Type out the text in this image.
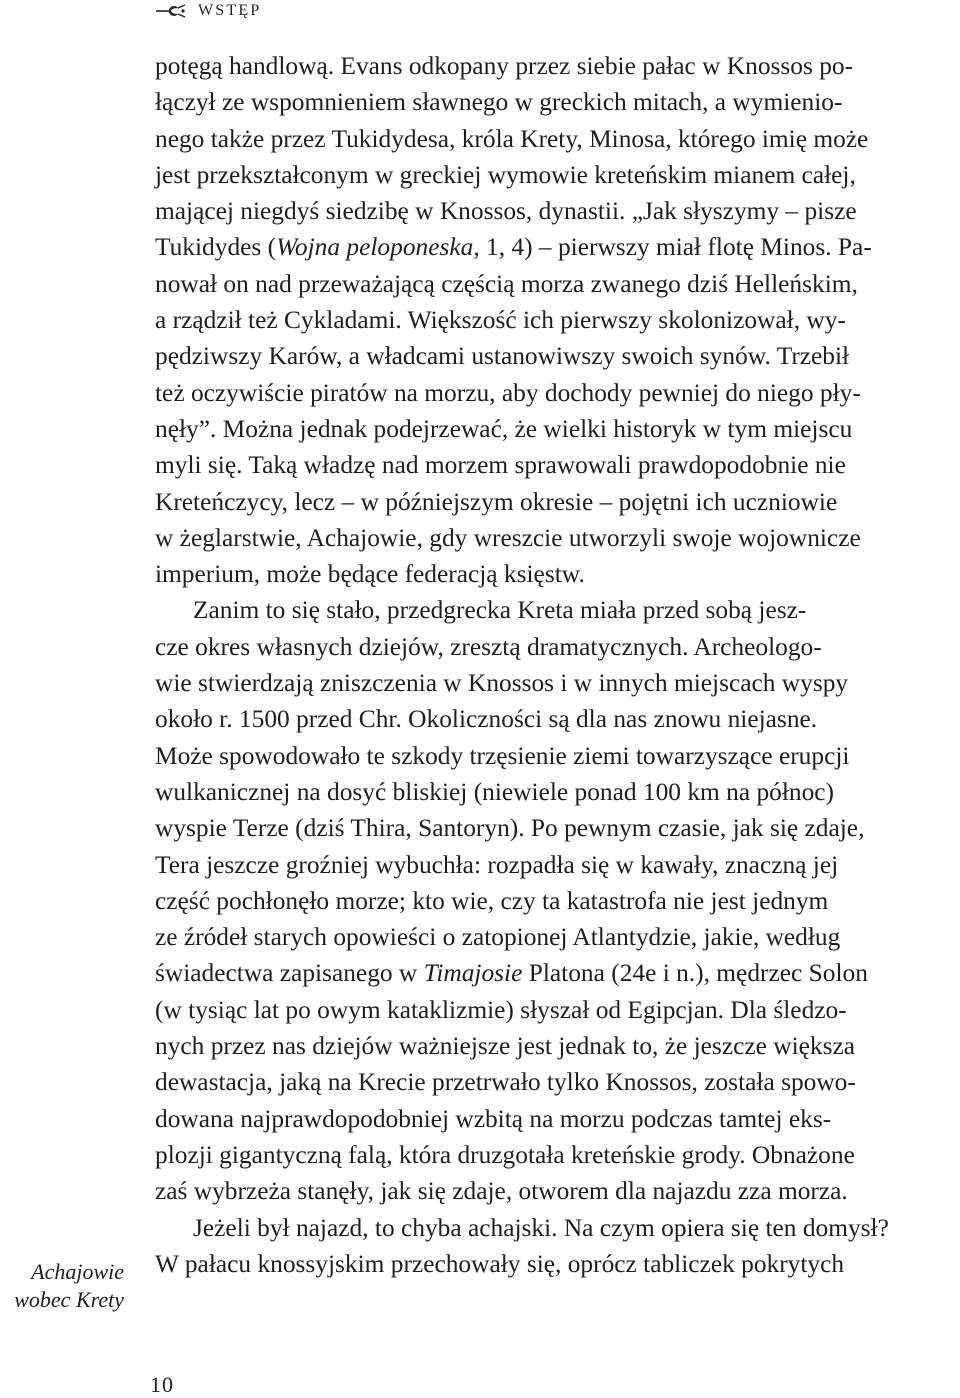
WSTĘP
potęgą handlową. Evans odkopany przez siebie pałac w Knossos po-
łączył ze wspomnieniem sławnego w greckich mitach, a wymienio-
nego także przez Tukidydesa, króla Krety, Minosa, którego imię może
jest przekształconym w greckiej wymowie kreteńskim mianem całej,
mającej niegdyś siedzibę w Knossos, dynastii. „Jak słyszymy – pisze
Tukidydes (Wojna peloponeska, 1, 4) – pierwszy miał flotę Minos. Pa-
nował on nad przeważającą częścią morza zwanego dziś Helleńskim,
a rządził też Cykladami. Większość ich pierwszy skolonizował, wy-
pędziwszy Karów, a władcami ustanowiwszy swoich synów. Trzebił
też oczywiście piratów na morzu, aby dochody pewniej do niego pły-
nęły”. Można jednak podejrzewać, że wielki historyk w tym miejscu
myli się. Taką władzę nad morzem sprawowali prawdopodobnie nie
Kreteńczycy, lecz – w późniejszym okresie – pojętni ich uczniowie
w żeglarstwie, Achajowie, gdy wreszcie utworzyli swoje wojownicze
imperium, może będące federacją księstw.
Zanim to się stało, przedgrecka Kreta miała przed sobą jesz-
cze okres własnych dziejów, zresztą dramatycznych. Archeologo-
wie stwierdzają zniszczenia w Knossos i w innych miejscach wyspy
około r. 1500 przed Chr. Okoliczności są dla nas znowu niejasne.
Może spowodowało te szkody trzęsienie ziemi towarzyszące erupcji
wulkanicznej na dosyć bliskiej (niewiele ponad 100 km na północ)
wyspie Terze (dziś Thira, Santoryn). Po pewnym czasie, jak się zdaje,
Tera jeszcze groźniej wybuchła: rozpadła się w kawały, znaczną jej
część pochłonęło morze; kto wie, czy ta katastrofa nie jest jednym
ze źródeł starych opowieści o zatopionej Atlantydzie, jakie, według
świadectwa zapisanego w Timajosie Platona (24e i n.), mędrzec Solon
(w tysiąc lat po owym kataklizmie) słyszał od Egipcjan. Dla śledzo-
nych przez nas dziejów ważniejsze jest jednak to, że jeszcze większa
dewastacja, jaką na Krecie przetrwało tylko Knossos, została spowo-
dowana najprawdopodobniej wzbitą na morzu podczas tamtej eks-
plozji gigantyczną falą, która druzgotała kreteńskie grody. Obnażone
zaś wybrzeża stanęły, jak się zdaje, otworem dla najazdu zza morza.
Jeżeli był najazd, to chyba achajski. Na czym opiera się ten domysł?
W pałacu knossyjskim przechowały się, oprócz tabliczek pokrytych
Achajowie
wobec Krety
10
